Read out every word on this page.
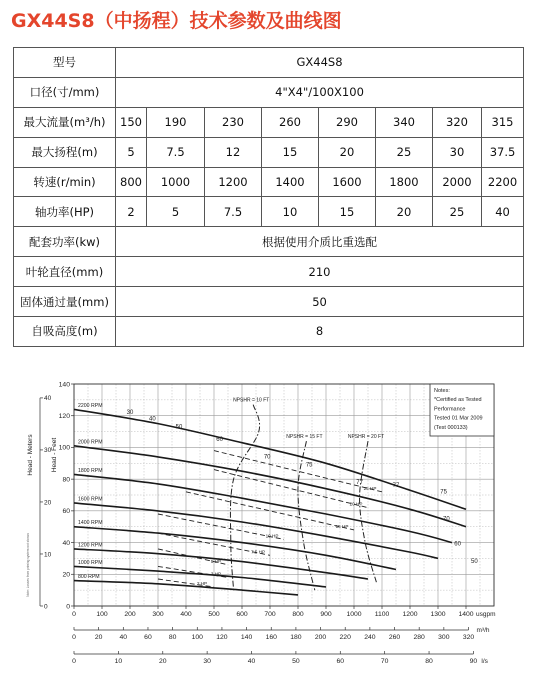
GX44S8（中扬程）技术参数及曲线图
型号	GX44S8							
口径(寸/mm)	4"X4"/100X100							
最大流量(m³/h)	150	190	230	260	290	340	320	315
最大扬程(m)	5	7.5	12	15	20	25	30	37.5
转速(r/min)	800	1000	1200	1400	1600	1800	2000	2200
轴功率(HP)	2	5	7.5	10	15	20	25	40
配套功率(kw)	根据使用介质比重选配							
叶轮直径(mm)	210							
固体通过量(mm)	50							
自吸高度(m)	8							
Notes:
*Certified as Tested
Performance
Tested 01 Mar 2009
(Test 000133)
25 HP
20 HP
15 HP
10 HP
7.5 HP
5 HP
3 HP
2 HP
NPSHR = 10 FT
NPSHR = 15 FT	NPSHR = 20 FT
2200 RPM
2000 RPM
1800 RPM
1600 RPM
1400 RPM
1200 RPM
1000 RPM
800 RPM
30
40
50
60
70
75
77
77
75
70
60
50
0
20
40
60
80
100
120
140
0
10
20
30
40
Head - Meters	Head - Feet
Note: Losses from priming system not shown
0	100 200 300 400 500 600 700 800 900 1000 1100 1200 1300 1400 usgpm
0	20	40	60	80 100 120 140 160 180 200 220 240 260 280 300 320
m³/h
0	10	20	30	40	50	60	70	80	90 l/s
